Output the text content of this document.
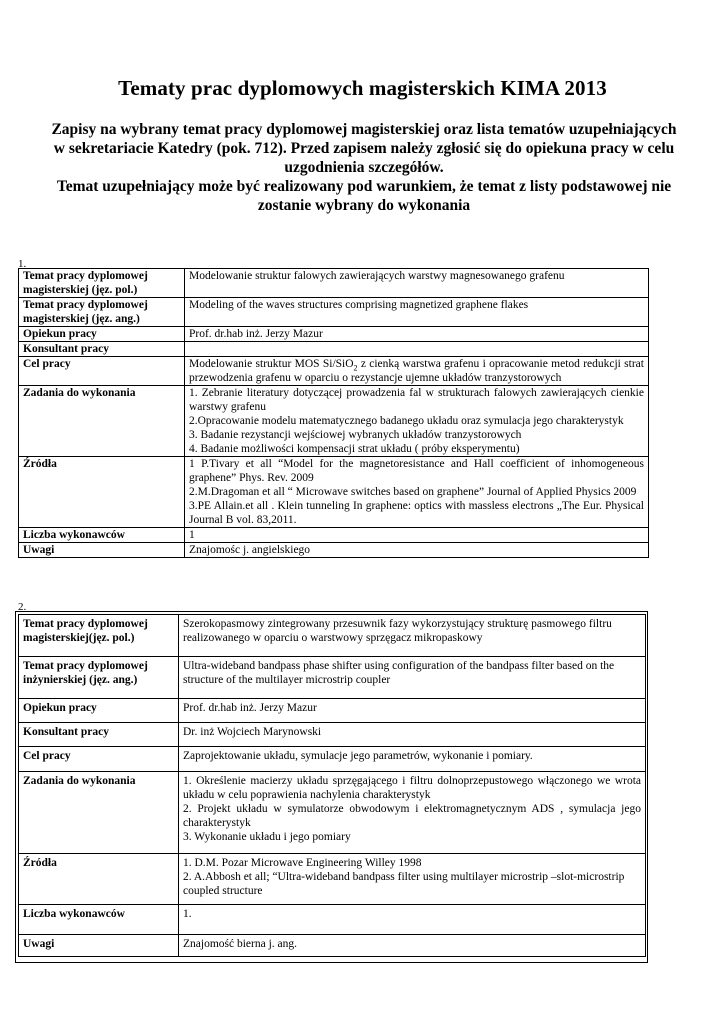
Tematy prac dyplomowych magisterskich KIMA 2013
Zapisy na wybrany temat pracy dyplomowej magisterskiej oraz lista tematów uzupełniających
w sekretariacie Katedry (pok. 712). Przed zapisem należy zgłosić się do opiekuna pracy w celu
uzgodnienia szczegółów.
Temat uzupełniający może być realizowany pod warunkiem, że temat z listy podstawowej nie
zostanie wybrany do wykonania
1.
Temat pracy dyplomowej magisterskiej (jęz. pol.)	Modelowanie struktur falowych zawierających warstwy magnesowanego grafenu
Temat pracy dyplomowej magisterskiej (jęz. ang.)	Modeling of the waves structures comprising magnetized graphene flakes
Opiekun pracy	Prof. dr.hab inż. Jerzy Mazur
Konsultant pracy	
Cel pracy	Modelowanie struktur MOS Si/SiO$_2$ z cienką warstwa grafenu i opracowanie metod redukcji strat przewodzenia grafenu w oparciu o rezystancje ujemne układów tranzystorowych
Zadania do wykonania	1. Zebranie literatury dotyczącej prowadzenia fal w strukturach falowych zawierających cienkie warstwy grafenu
2.Opracowanie modelu matematycznego badanego układu oraz symulacja jego charakterystyk
3. Badanie rezystancji wejściowej wybranych układów tranzystorowych
4. Badanie możliwości kompensacji strat układu ( próby eksperymentu)

Źródła	1 P.Tivary et all “Model for the magnetoresistance and Hall coefficient of inhomogeneous graphene” Phys. Rev. 2009
2.M.Dragoman et all “ Microwave switches based on graphene” Journal of Applied Physics 2009
3.PE Allain.et all . Klein tunneling In graphene: optics with massless electrons „The Eur. Physical Journal B vol. 83,2011.

Liczba wykonawców	1
Uwagi	Znajomośc j. angielskiego
2.
Temat pracy dyplomowej magisterskiej(jęz. pol.)	Szerokopasmowy zintegrowany przesuwnik fazy wykorzystujący strukturę pasmowego filtru realizowanego w oparciu o warstwowy sprzęgacz mikropaskowy
Temat pracy dyplomowej inżynierskiej (jęz. ang.)	Ultra-wideband bandpass phase shifter using configuration of the bandpass filter based on the structure of the multilayer microstrip coupler
Opiekun pracy	Prof. dr.hab inż. Jerzy Mazur
Konsultant pracy	Dr. inż Wojciech Marynowski
Cel pracy	Zaprojektowanie układu, symulacje jego parametrów, wykonanie i pomiary.
Zadania do wykonania	1. Określenie macierzy układu sprzęgającego i filtru dolnoprzepustowego włączonego we wrota układu w celu poprawienia nachylenia charakterystyk
2. Projekt układu w symulatorze obwodowym i elektromagnetycznym ADS , symulacja jego charakterystyk
3. Wykonanie układu i jego pomiary

Źródła	1. D.M. Pozar Microwave Engineering Willey 1998
2. A.Abbosh et all; “Ultra-wideband bandpass filter using multilayer microstrip –slot-microstrip coupled structure

Liczba wykonawców	1.
Uwagi	Znajomość bierna j. ang.
